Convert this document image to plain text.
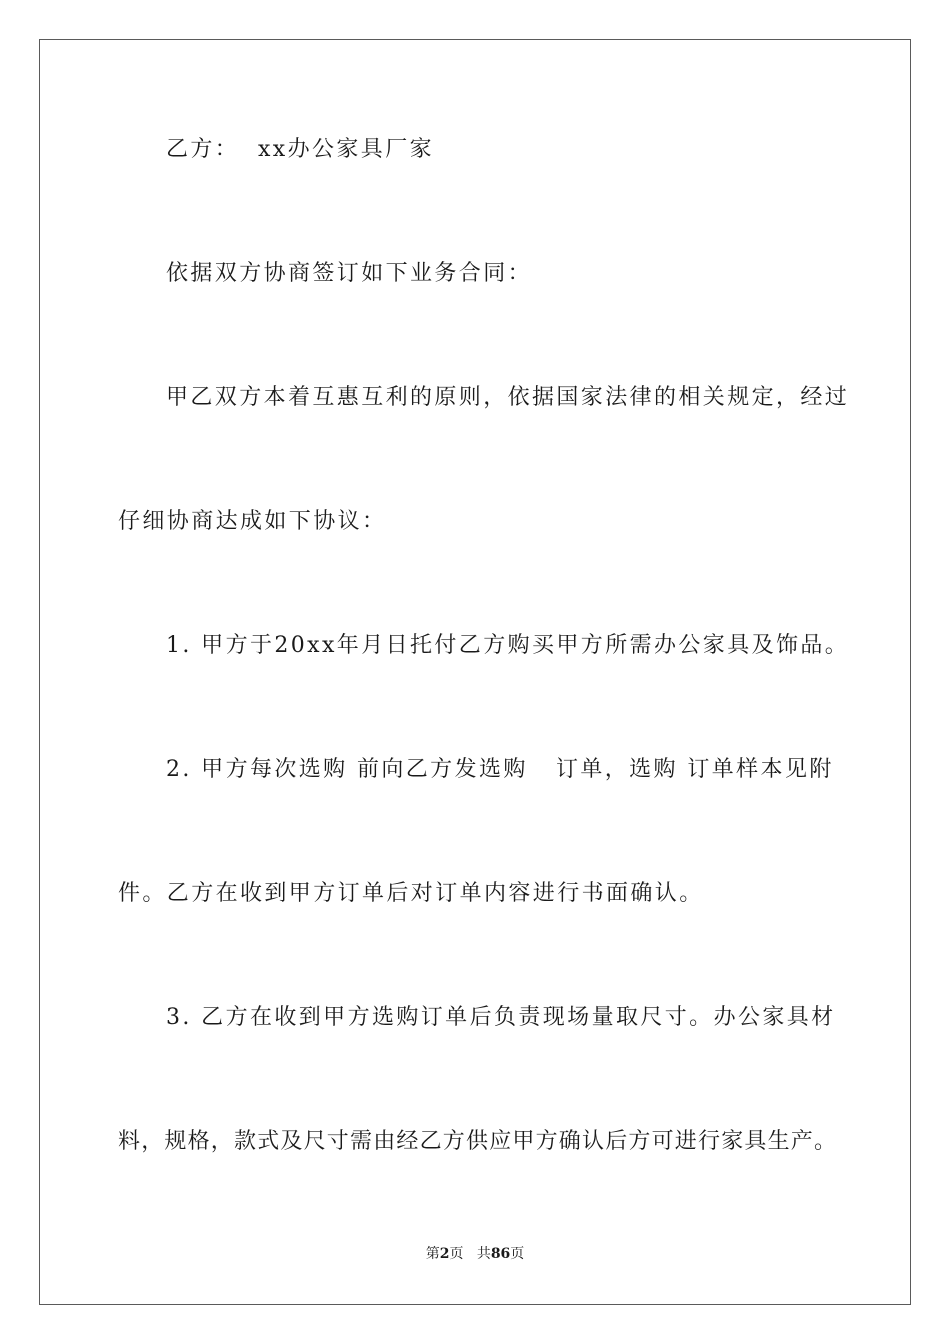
乙方：  xx办公家具厂家
依据双方协商签订如下业务合同：
甲乙双方本着互惠互利的原则，依据国家法律的相关规定，经过
仔细协商达成如下协议：
1. 甲方于20xx年月日托付乙方购买甲方所需办公家具及饰品。
2. 甲方每次选购 前向乙方发选购   订单，选购 订单样本见附
件。乙方在收到甲方订单后对订单内容进行书面确认。
3. 乙方在收到甲方选购订单后负责现场量取尺寸。办公家具材
料，规格，款式及尺寸需由经乙方供应甲方确认后方可进行家具生产。
第2页 共86页
